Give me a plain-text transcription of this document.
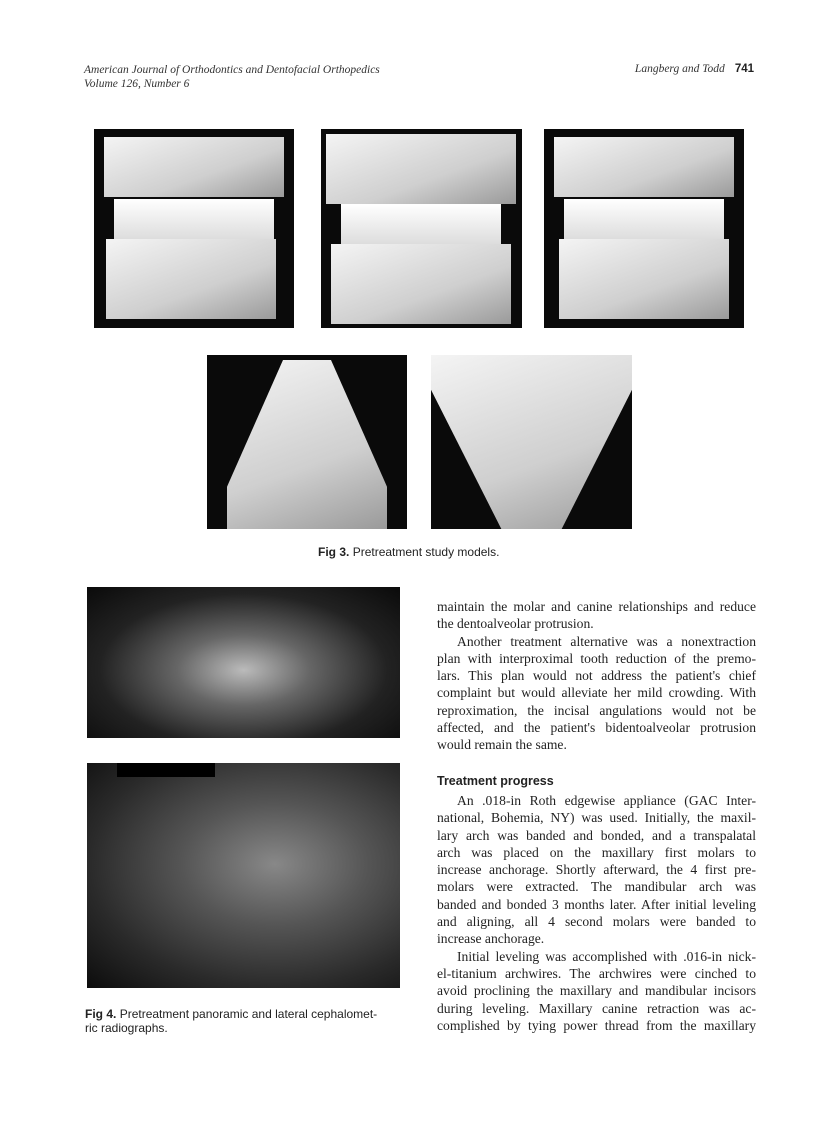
American Journal of Orthodontics and Dentofacial Orthopedics
Volume 126, Number 6
Langberg and Todd 741
Fig 3. Pretreatment study models.
Fig 4. Pretreatment panoramic and lateral cephalomet-
ric radiographs.
maintain the molar and canine relationships and reduce
the dentoalveolar protrusion.
Another treatment alternative was a nonextraction
plan with interproximal tooth reduction of the premo-
lars. This plan would not address the patient's chief
complaint but would alleviate her mild crowding. With
reproximation, the incisal angulations would not be
affected, and the patient's bidentoalveolar protrusion
would remain the same.
Treatment progress
An .018-in Roth edgewise appliance (GAC Inter-
national, Bohemia, NY) was used. Initially, the maxil-
lary arch was banded and bonded, and a transpalatal
arch was placed on the maxillary first molars to
increase anchorage. Shortly afterward, the 4 first pre-
molars were extracted. The mandibular arch was
banded and bonded 3 months later. After initial leveling
and aligning, all 4 second molars were banded to
increase anchorage.
Initial leveling was accomplished with .016-in nick-
el-titanium archwires. The archwires were cinched to
avoid proclining the maxillary and mandibular incisors
during leveling. Maxillary canine retraction was ac-
complished by tying power thread from the maxillary
